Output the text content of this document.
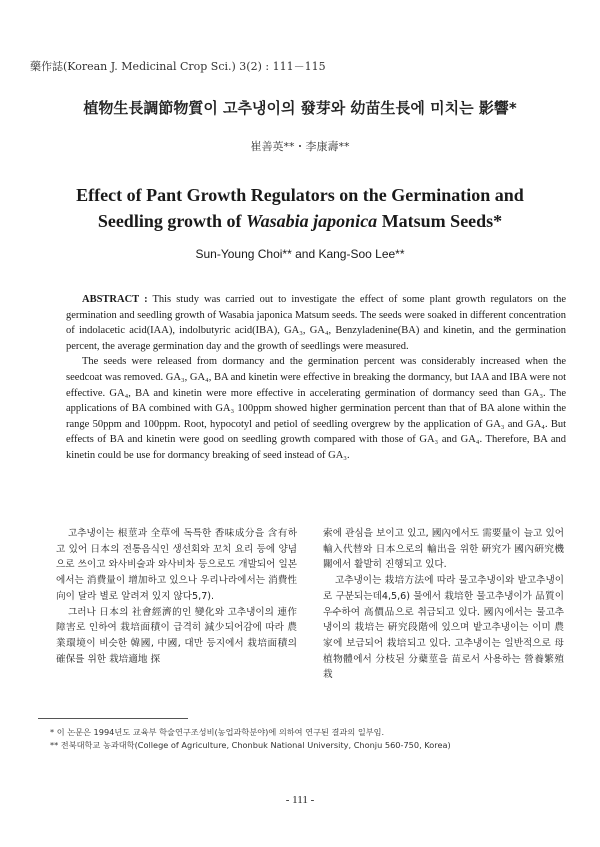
藥作誌(Korean J. Medicinal Crop Sci.) 3(2) : 111－115
植物生長調節物質이 고추냉이의 發芽와 幼苗生長에 미치는 影響*
崔善英**・李康壽**
Effect of Pant Growth Regulators on the Germination and
Seedling growth of Wasabia japonica Matsum Seeds*
Sun-Young Choi** and Kang-Soo Lee**

ABSTRACT : This study was carried out to investigate the effect of some plant growth regulators on the germination and seedling growth of Wasabia japonica Matsum seeds. The seeds were soaked in different concentration of indolacetic acid(IAA), indolbutyric acid(IBA), GA₃, GA₄, Benzyladenine(BA) and kinetin, and the germination percent, the average germination day and the growth of seedlings were measured.

The seeds were released from dormancy and the germination percent was considerably increased when the seedcoat was removed. GA₃, GA₄, BA and kinetin were effective in breaking the dormancy, but IAA and IBA were not effective. GA₄, BA and kinetin were more effective in accelerating germination of dormancy seed than GA₃. The applications of BA combined with GA₃ 100ppm showed higher germination percent than that of BA alone within the range 50ppm and 100ppm. Root, hypocotyl and petiol of seedling overgrew by the application of GA₃ and GA₄. But effects of BA and kinetin were good on seedling growth compared with those of GA₃ and GA₄. Therefore, BA and kinetin could be use for dormancy breaking of seed instead of GA₃.

고추냉이는 根莖과 全草에 독특한 香味成分을 含有하고 있어 日本의 전통음식인 생선회와 꼬치 요리 등에 양념으로 쓰이고 와사비술과 와사비차 등으로도 개발되어 일본에서는 消費量이 增加하고 있으나 우리나라에서는 消費性向이 달라 별로 알려져 있지 않다5,7).

그러나 日本의 社會經濟的인 變化와 고추냉이의 連作障害로 인하여 栽培面積이 급격히 減少되어감에 따라 農業環境이 비슷한 韓國, 中國, 대만 등지에서 栽培面積의 確保를 위한 栽培適地 探

索에 관심을 보이고 있고, 國內에서도 需要量이 늘고 있어 輸入代替와 日本으로의 輸出을 위한 硏究가 國內硏究機關에서 활발히 진행되고 있다.

고추냉이는 栽培方法에 따라 물고추냉이와 밭고추냉이로 구분되는데4,5,6) 물에서 栽培한 물고추냉이가 品質이 우수하여 高價品으로 취급되고 있다. 國內에서는 물고추냉이의 栽培는 硏究段階에 있으며 밭고추냉이는 이미 農家에 보급되어 栽培되고 있다. 고추냉이는 일반적으로 母植物體에서 分枝된 分蘗莖을 苗로서 사용하는 營養繁殖栽

* 이 논문은 1994년도 교육부 학술연구조성비(농업과학분야)에 의하여 연구된 결과의 일부임.
** 전북대학교 농과대학(College of Agriculture, Chonbuk National University, Chonju 560-750, Korea)
- 111 -
